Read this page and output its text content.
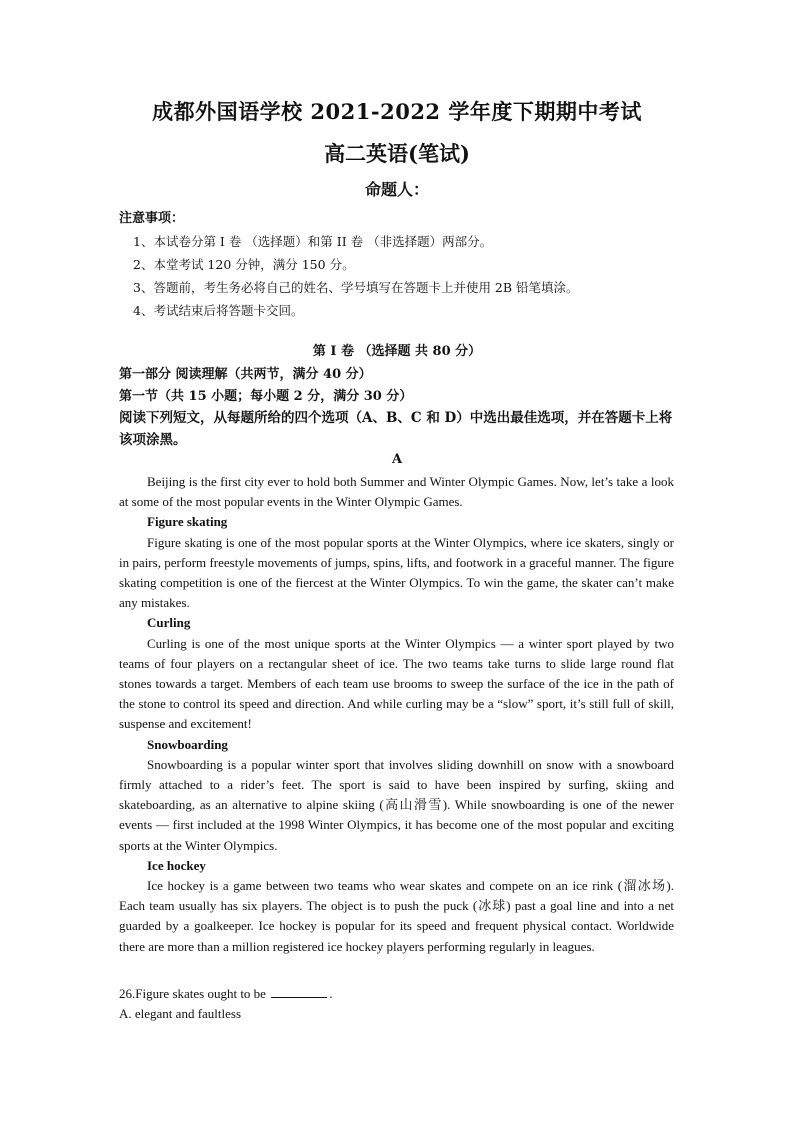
成都外国语学校 2021-2022 学年度下期期中考试
高二英语(笔试)
命题人：
注意事项：
1、本试卷分第 I 卷 （选择题）和第 II 卷 （非选择题）两部分。
2、本堂考试 120 分钟，满分 150 分。
3、答题前，考生务必将自己的姓名、学号填写在答题卡上并使用 2B 铅笔填涂。
4、考试结束后将答题卡交回。
第 I 卷 （选择题 共 80 分）
第一部分 阅读理解（共两节，满分 40 分）
第一节（共 15 小题；每小题 2 分，满分 30 分）
阅读下列短文，从每题所给的四个选项（A、B、C 和 D）中选出最佳选项，并在答题卡上将该项涂黑。
A

Beijing is the first city ever to hold both Summer and Winter Olympic Games. Now, let’s take a look at some of the most popular events in the Winter Olympic Games.

Figure skating

Figure skating is one of the most popular sports at the Winter Olympics, where ice skaters, singly or in pairs, perform freestyle movements of jumps, spins, lifts, and footwork in a graceful manner. The figure skating competition is one of the fiercest at the Winter Olympics. To win the game, the skater can’t make any mistakes.

Curling

Curling is one of the most unique sports at the Winter Olympics — a winter sport played by two teams of four players on a rectangular sheet of ice. The two teams take turns to slide large round flat stones towards a target. Members of each team use brooms to sweep the surface of the ice in the path of the stone to control its speed and direction. And while curling may be a “slow” sport, it’s still full of skill, suspense and excitement!

Snowboarding

Snowboarding is a popular winter sport that involves sliding downhill on snow with a snowboard firmly attached to a rider’s feet. The sport is said to have been inspired by surfing, skiing and skateboarding, as an alternative to alpine skiing (高山滑雪). While snowboarding is one of the newer events — first included at the 1998 Winter Olympics, it has become one of the most popular and exciting sports at the Winter Olympics.

Ice hockey

Ice hockey is a game between two teams who wear skates and compete on an ice rink (溜冰场). Each team usually has six players. The object is to push the puck (冰球) past a goal line and into a net guarded by a goalkeeper. Ice hockey is popular for its speed and frequent physical contact. Worldwide there are more than a million registered ice hockey players performing regularly in leagues.

26.Figure skates ought to be	.
A. elegant and faultless
